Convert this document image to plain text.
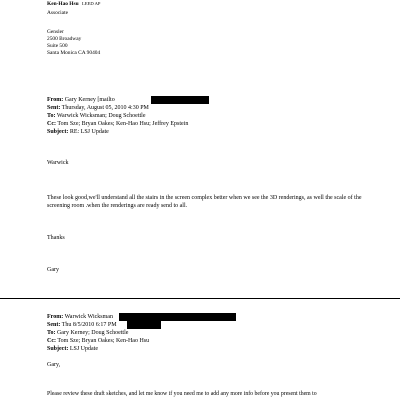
Ken-Hao Hsu LEED AP
Associate
Gensler
2500 Broadway
Suite 500
Santa Monica CA 90404
From: Gary Kerney [mailto
Sent: Thursday, August 05, 2010 4:30 PM
To: Warwick Wicksman; Doug Schoettle
Cc: Tom Sze; Bryan Oakes; Ken-Hao Hsu; Jeffrey Epstein
Subject: RE: LSJ Update
Warwick
These look good,we'll understand all the stairs in the screen complex better when we see the 3D renderings, as well the scale of the screening room .when the renderings are ready send to all.
Thanks
Gary
From: Warwick Wicksman
Sent: Thu 8/5/2010 6:17 PM
To: Gary Kerney; Doug Schoettle
Cc: Tom Sze; Bryan Oakes; Ken-Hao Hsu
Subject: LSJ Update
Gary,
Please review these draft sketches, and let me know if you need me to add any more info before you present them to
